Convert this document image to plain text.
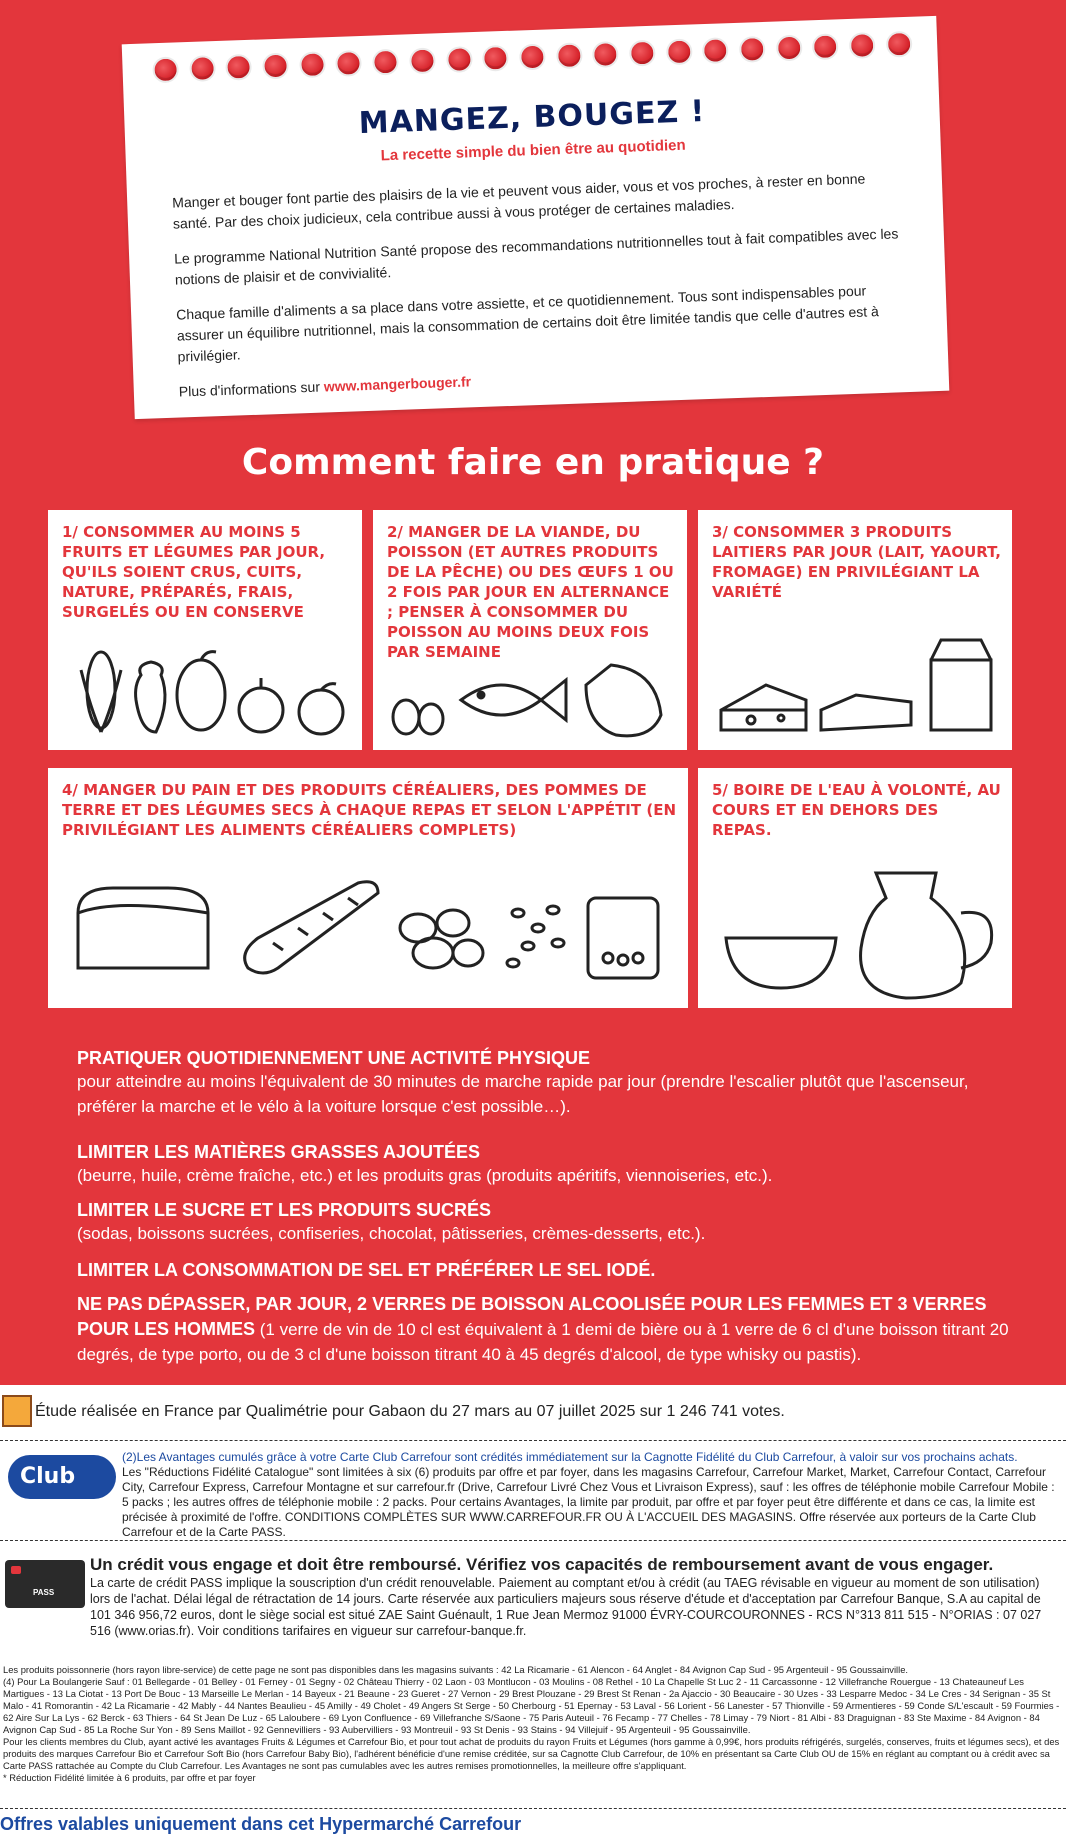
MANGEZ, BOUGEZ !
La recette simple du bien être au quotidien

Manger et bouger font partie des plaisirs de la vie et peuvent vous aider, vous et vos proches, à rester en bonne santé. Par des choix judicieux, cela contribue aussi à vous protéger de certaines maladies.

Le programme National Nutrition Santé propose des recommandations nutritionnelles tout à fait compatibles avec les notions de plaisir et de convivialité.

Chaque famille d'aliments a sa place dans votre assiette, et ce quotidiennement. Tous sont indispensables pour assurer un équilibre nutritionnel, mais la consommation de certains doit être limitée tandis que celle d'autres est à privilégier.

Plus d'informations sur www.mangerbouger.fr

Comment faire en pratique ?
1/ CONSOMMER AU MOINS 5 FRUITS ET LÉGUMES PAR JOUR, QU'ILS SOIENT CRUS, CUITS, NATURE, PRÉPARÉS, FRAIS, SURGELÉS OU EN CONSERVE
2/ MANGER DE LA VIANDE, DU POISSON (ET AUTRES PRODUITS DE LA PÊCHE) OU DES ŒUFS 1 OU 2 FOIS PAR JOUR EN ALTERNANCE ; PENSER À CONSOMMER DU POISSON AU MOINS DEUX FOIS PAR SEMAINE
3/ CONSOMMER 3 PRODUITS LAITIERS PAR JOUR (LAIT, YAOURT, FROMAGE) EN PRIVILÉGIANT LA VARIÉTÉ
4/ MANGER DU PAIN ET DES PRODUITS CÉRÉALIERS, DES POMMES DE TERRE ET DES LÉGUMES SECS À CHAQUE REPAS ET SELON L'APPÉTIT (EN PRIVILÉGIANT LES ALIMENTS CÉRÉALIERS COMPLETS)
5/ BOIRE DE L'EAU À VOLONTÉ, AU COURS ET EN DEHORS DES REPAS.
PRATIQUER QUOTIDIENNEMENT UNE ACTIVITÉ PHYSIQUE
pour atteindre au moins l'équivalent de 30 minutes de marche rapide par jour (prendre l'escalier plutôt que l'ascenseur, préférer la marche et le vélo à la voiture lorsque c'est possible…).
LIMITER LES MATIÈRES GRASSES AJOUTÉES
(beurre, huile, crème fraîche, etc.) et les produits gras (produits apéritifs, viennoiseries, etc.).
LIMITER LE SUCRE ET LES PRODUITS SUCRÉS
(sodas, boissons sucrées, confiseries, chocolat, pâtisseries, crèmes-desserts, etc.).
LIMITER LA CONSOMMATION DE SEL ET PRÉFÉRER LE SEL IODÉ.
NE PAS DÉPASSER, PAR JOUR, 2 VERRES DE BOISSON ALCOOLISÉE POUR LES FEMMES ET 3 VERRES POUR LES HOMMES (1 verre de vin de 10 cl est équivalent à 1 demi de bière ou à 1 verre de 6 cl d'une boisson titrant 20 degrés, de type porto, ou de 3 cl d'une boisson titrant 40 à 45 degrés d'alcool, de type whisky ou pastis).
Étude réalisée en France par Qualimétrie pour Gabaon du 27 mars au 07 juillet 2025 sur 1 246 741 votes.
Club
(2)Les Avantages cumulés grâce à votre Carte Club Carrefour sont crédités immédiatement sur la Cagnotte Fidélité du Club Carrefour, à valoir sur vos prochains achats.
Les "Réductions Fidélité Catalogue" sont limitées à six (6) produits par offre et par foyer, dans les magasins Carrefour, Carrefour Market, Market, Carrefour Contact, Carrefour City, Carrefour Express, Carrefour Montagne et sur carrefour.fr (Drive, Carrefour Livré Chez Vous et Livraison Express), sauf : les offres de téléphonie mobile Carrefour Mobile : 5 packs ; les autres offres de téléphonie mobile : 2 packs. Pour certains Avantages, la limite par produit, par offre et par foyer peut être différente et dans ce cas, la limite est précisée à proximité de l'offre. CONDITIONS COMPLÈTES SUR WWW.CARREFOUR.FR OU À L'ACCUEIL DES MAGASINS. Offre réservée aux porteurs de la Carte Club Carrefour et de la Carte PASS.
PASS
Un crédit vous engage et doit être remboursé. Vérifiez vos capacités de remboursement avant de vous engager.
La carte de crédit PASS implique la souscription d'un crédit renouvelable. Paiement au comptant et/ou à crédit (au TAEG révisable en vigueur au moment de son utilisation) lors de l'achat. Délai légal de rétractation de 14 jours. Carte réservée aux particuliers majeurs sous réserve d'étude et d'acceptation par Carrefour Banque, S.A au capital de 101 346 956,72 euros, dont le siège social est situé ZAE Saint Guénault, 1 Rue Jean Mermoz 91000 ÉVRY-COURCOURONNES - RCS N°313 811 515 - N°ORIAS : 07 027 516 (www.orias.fr). Voir conditions tarifaires en vigueur sur carrefour-banque.fr.
Les produits poissonnerie (hors rayon libre-service) de cette page ne sont pas disponibles dans les magasins suivants : 42 La Ricamarie - 61 Alencon - 64 Anglet - 84 Avignon Cap Sud - 95 Argenteuil - 95 Goussainville.
(4) Pour La Boulangerie Sauf : 01 Bellegarde - 01 Belley - 01 Ferney - 01 Segny - 02 Château Thierry - 02 Laon - 03 Montlucon - 03 Moulins - 08 Rethel - 10 La Chapelle St Luc 2 - 11 Carcassonne - 12 Villefranche Rouergue - 13 Chateauneuf Les Martigues - 13 La Ciotat - 13 Port De Bouc - 13 Marseille Le Merlan - 14 Bayeux - 21 Beaune - 23 Gueret - 27 Vernon - 29 Brest Plouzane - 29 Brest St Renan - 2a Ajaccio - 30 Beaucaire - 30 Uzes - 33 Lesparre Medoc - 34 Le Cres - 34 Serignan - 35 St Malo - 41 Romorantin - 42 La Ricamarie - 42 Mably - 44 Nantes Beaulieu - 45 Amilly - 49 Cholet - 49 Angers St Serge - 50 Cherbourg - 51 Epernay - 53 Laval - 56 Lorient - 56 Lanester - 57 Thionville - 59 Armentieres - 59 Conde S/L'escault - 59 Fourmies - 62 Aire Sur La Lys - 62 Berck - 63 Thiers - 64 St Jean De Luz - 65 Laloubere - 69 Lyon Confluence - 69 Villefranche S/Saone - 75 Paris Auteuil - 76 Fecamp - 77 Chelles - 78 Limay - 79 Niort - 81 Albi - 83 Draguignan - 83 Ste Maxime - 84 Avignon - 84 Avignon Cap Sud - 85 La Roche Sur Yon - 89 Sens Maillot - 92 Gennevilliers - 93 Aubervilliers - 93 Montreuil - 93 St Denis - 93 Stains - 94 Villejuif - 95 Argenteuil - 95 Goussainville.
Pour les clients membres du Club, ayant activé les avantages Fruits & Légumes et Carrefour Bio, et pour tout achat de produits du rayon Fruits et Légumes (hors gamme à 0,99€, hors produits réfrigérés, surgelés, conserves, fruits et légumes secs), et des produits des marques Carrefour Bio et Carrefour Soft Bio (hors Carrefour Baby Bio), l'adhérent bénéficie d'une remise créditée, sur sa Cagnotte Club Carrefour, de 10% en présentant sa Carte Club OU de 15% en réglant au comptant ou à crédit avec sa Carte PASS rattachée au Compte du Club Carrefour. Les Avantages ne sont pas cumulables avec les autres remises promotionnelles, la meilleure offre s'appliquant.
* Réduction Fidélité limitée à 6 produits, par offre et par foyer
Offres valables uniquement dans cet Hypermarché Carrefour
